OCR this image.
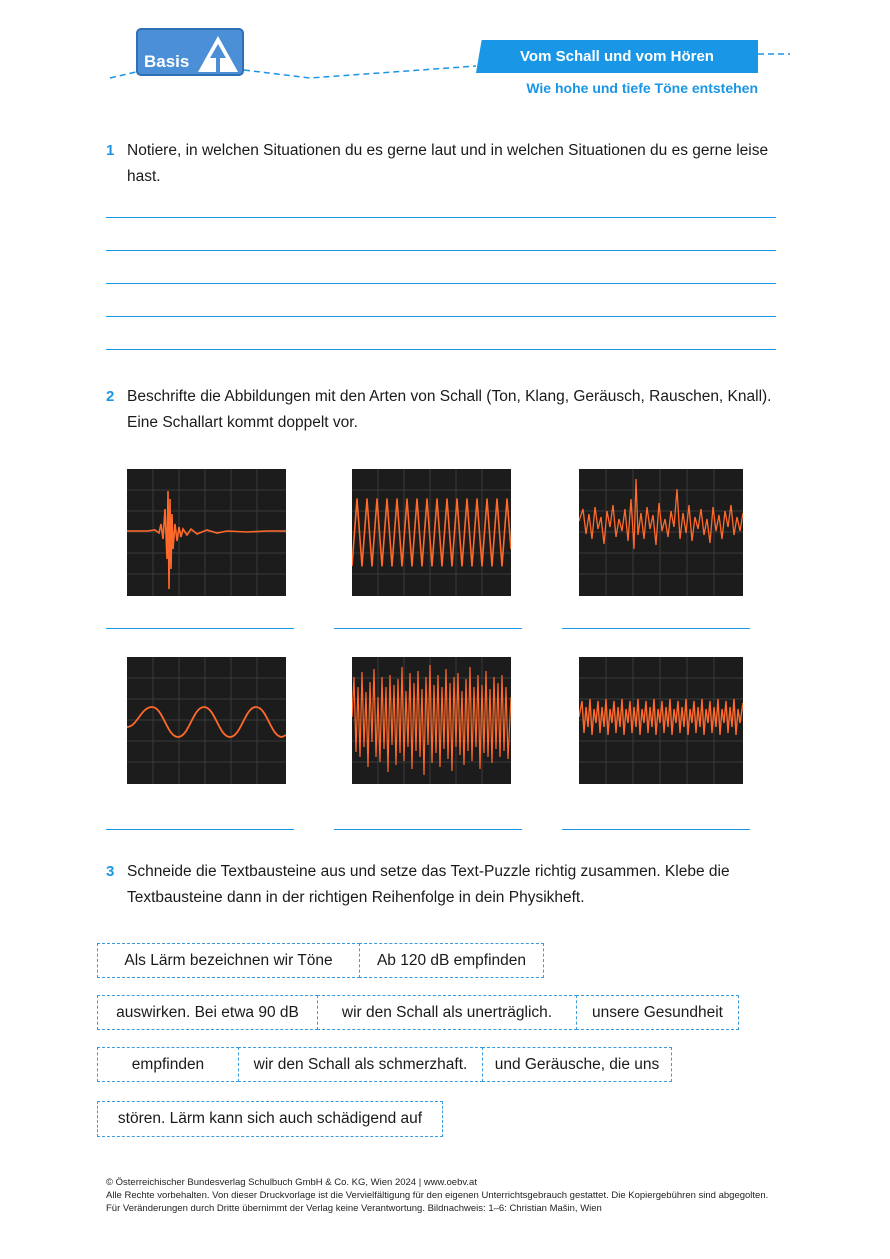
Basis	Vom Schall und vom Hören
Wie hohe und tiefe Töne entstehen
1 Notiere, in welchen Situationen du es gerne laut und in welchen Situationen du es gerne leise hast.
2 Beschrifte die Abbildungen mit den Arten von Schall (Ton, Klang, Geräusch, Rauschen, Knall). Eine Schallart kommt doppelt vor.
3 Schneide die Textbausteine aus und setze das Text-Puzzle richtig zusammen. Klebe die Textbausteine dann in der richtigen Reihenfolge in dein Physikheft.
Als Lärm bezeichnen wir Töne	Ab 120 dB empfinden
auswirken. Bei etwa 90 dB	wir den Schall als unerträglich.	unsere Gesundheit
empfinden	wir den Schall als schmerzhaft.	und Geräusche, die uns
stören. Lärm kann sich auch schädigend auf
© Österreichischer Bundesverlag Schulbuch GmbH & Co. KG, Wien 2024 | www.oebv.at
Alle Rechte vorbehalten. Von dieser Druckvorlage ist die Vervielfältigung für den eigenen Unterrichtsgebrauch gestattet. Die Kopiergebühren sind abgegolten.
Für Veränderungen durch Dritte übernimmt der Verlag keine Verantwortung. Bildnachweis: 1–6: Christian Mašin, Wien
